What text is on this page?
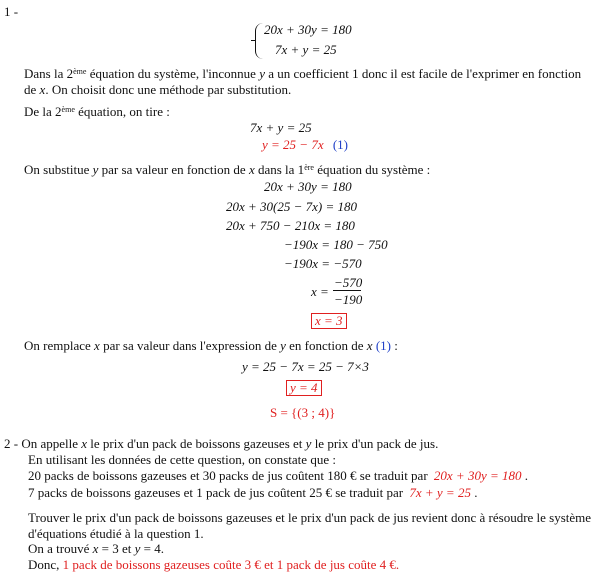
1 -
20x + 30y = 180
7x + y = 25
Dans la 2ème équation du système, l'inconnue y a un coefficient 1 donc il est facile de l'exprimer en fonction
de x. On choisit donc une méthode par substitution.
De la 2ème équation, on tire :
7x + y = 25
y = 25 − 7x (1)
On substitue y par sa valeur en fonction de x dans la 1ère équation du système :
20x + 30y = 180
20x + 30(25 − 7x) = 180
20x + 750 − 210x = 180
−190x = 180 − 750
−190x = −570
x =
−570
−190
x = 3
On remplace x par sa valeur dans l'expression de y en fonction de x (1) :
y = 25 − 7x = 25 − 7×3
y = 4
S = {(3 ; 4)}
2 - On appelle x le prix d'un pack de boissons gazeuses et y le prix d'un pack de jus.
En utilisant les données de cette question, on constate que :
20 packs de boissons gazeuses et 30 packs de jus coûtent 180 € se traduit par 20x + 30y = 180 .
7 packs de boissons gazeuses et 1 pack de jus coûtent 25 € se traduit par 7x + y = 25 .
Trouver le prix d'un pack de boissons gazeuses et le prix d'un pack de jus revient donc à résoudre le système
d'équations étudié à la question 1.
On a trouvé x = 3 et y = 4.
Donc, 1 pack de boissons gazeuses coûte 3 € et 1 pack de jus coûte 4 €.
